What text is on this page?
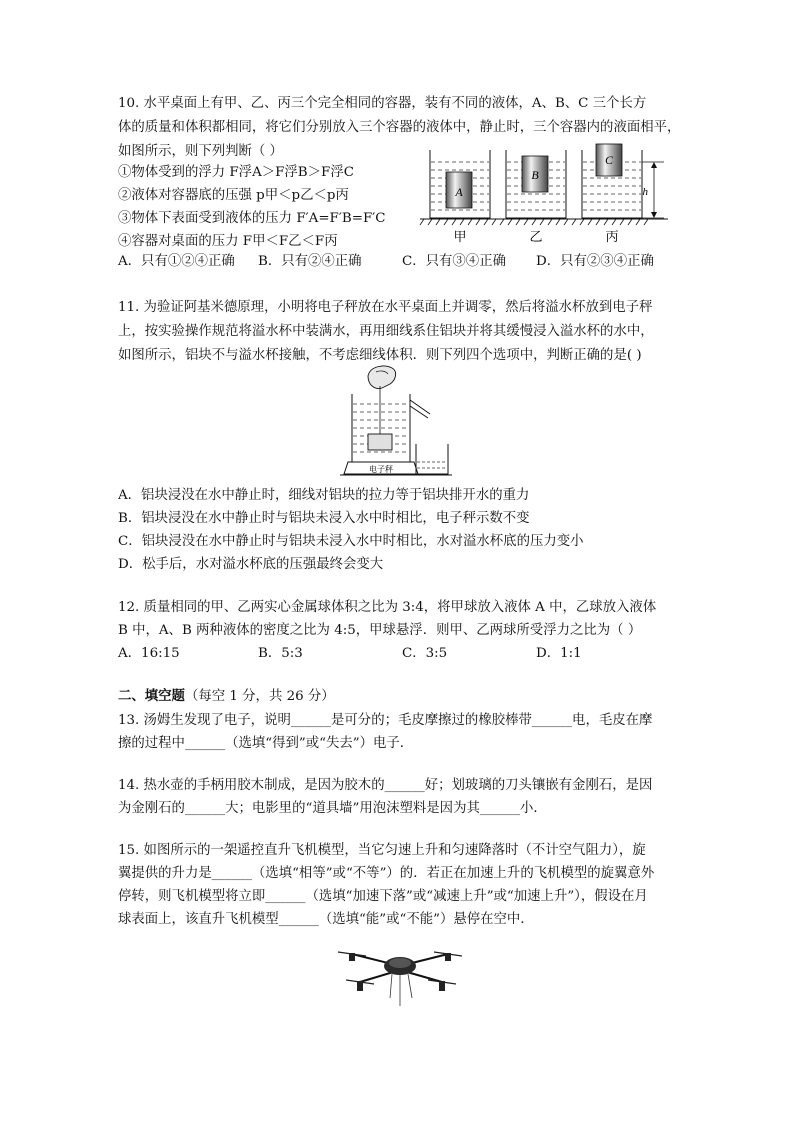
10. 水平桌面上有甲、乙、丙三个完全相同的容器，装有不同的液体，A、B、C 三个长方
体的质量和体积都相同，将它们分别放入三个容器的液体中，静止时，三个容器内的液面相平，
如图所示，则下列判断（ ）
①物体受到的浮力 F浮A＞F浮B＞F浮C
②液体对容器底的压强 p甲＜p乙＜p丙
③物体下表面受到液体的压力 F′A=F′B=F′C
④容器对桌面的压力 F甲＜F乙＜F丙
A．只有①②④正确 B．只有②④正确	C．只有③④正确 D．只有②③④正确
A
B
C
h
甲	乙	丙
11. 为验证阿基米德原理，小明将电子秤放在水平桌面上并调零，然后将溢水杯放到电子秤
上，按实验操作规范将溢水杯中装满水，再用细线系住铝块并将其缓慢浸入溢水杯的水中，
如图所示，铝块不与溢水杯接触，不考虑细线体积．则下列四个选项中，判断正确的是( )
电子秤
A．铝块浸没在水中静止时，细线对铝块的拉力等于铝块排开水的重力
B．铝块浸没在水中静止时与铝块未浸入水中时相比，电子秤示数不变
C．铝块浸没在水中静止时与铝块未浸入水中时相比，水对溢水杯底的压力变小
D．松手后，水对溢水杯底的压强最终会变大
12. 质量相同的甲、乙两实心金属球体积之比为 3:4，将甲球放入液体 A 中，乙球放入液体
B 中，A、B 两种液体的密度之比为 4:5，甲球悬浮．则甲、乙两球所受浮力之比为（ ）
A．16:15	B．5:3	C．3:5	D．1:1
二、填空题（每空 1 分，共 26 分）
13. 汤姆生发现了电子，说明______是可分的；毛皮摩擦过的橡胶棒带______电，毛皮在摩
擦的过程中______（选填“得到”或“失去”）电子．
14. 热水壶的手柄用胶木制成，是因为胶木的______好；划玻璃的刀头镶嵌有金刚石，是因
为金刚石的______大；电影里的“道具墙”用泡沫塑料是因为其______小．
15. 如图所示的一架遥控直升飞机模型，当它匀速上升和匀速降落时（不计空气阻力），旋
翼提供的升力是______（选填“相等”或“不等”）的．若正在加速上升的飞机模型的旋翼意外
停转，则飞机模型将立即______（选填“加速下落”或“减速上升”或“加速上升”），假设在月
球表面上，该直升飞机模型______（选填“能”或“不能”）悬停在空中．
